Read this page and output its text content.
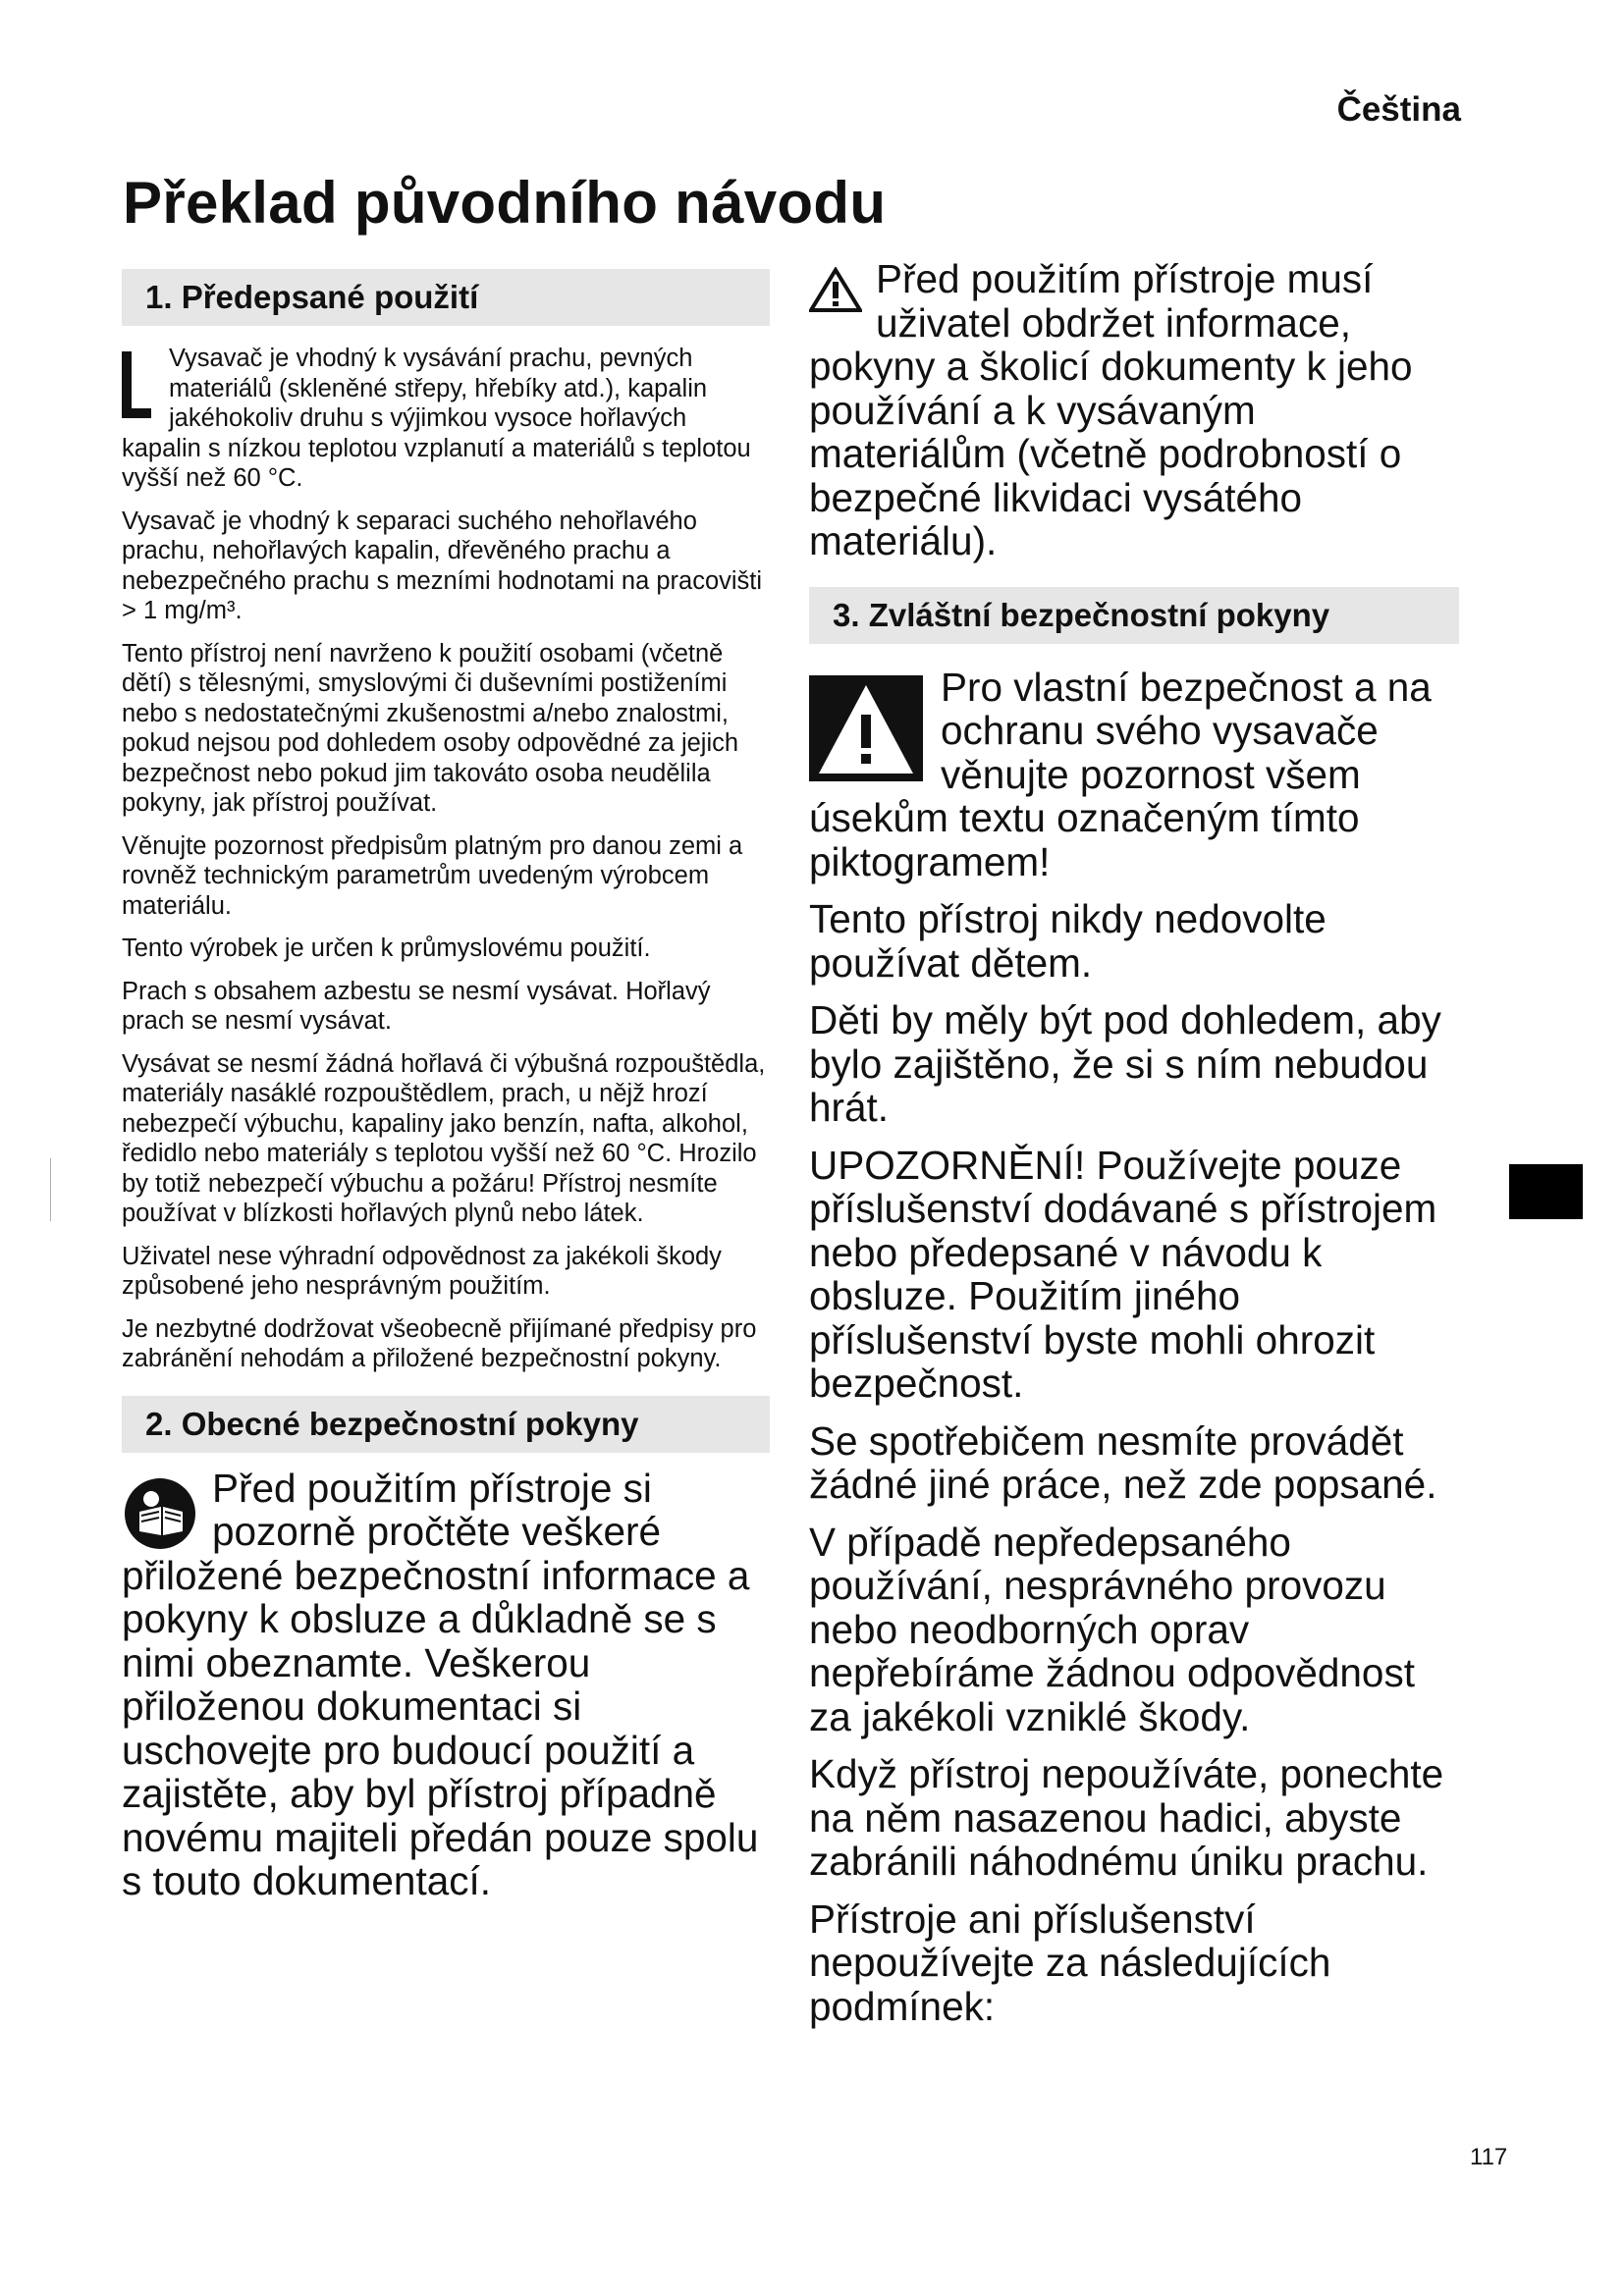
Čeština
Překlad původního návodu
1. Předepsané použití

Vysavač je vhodný k vysávání prachu, pevných materiálů (skleněné střepy, hřebíky atd.), kapalin jakéhokoliv druhu s výjimkou vysoce hořlavých kapalin s nízkou teplotou vzplanutí a materiálů s teplotou vyšší než 60 °C.

Vysavač je vhodný k separaci suchého nehořlavého prachu, nehořlavých kapalin, dřevěného prachu a nebezpečného prachu s mezními hodnotami na pracovišti > 1 mg/m³.

Tento přístroj není navrženo k použití osobami (včetně dětí) s tělesnými, smyslovými či duševními postiženími nebo s nedostatečnými zkušenostmi a/nebo znalostmi, pokud nejsou pod dohledem osoby odpovědné za jejich bezpečnost nebo pokud jim takováto osoba neudělila pokyny, jak přístroj používat.

Věnujte pozornost předpisům platným pro danou zemi a rovněž technickým parametrům uvedeným výrobcem materiálu.

Tento výrobek je určen k průmyslovému použití.

Prach s obsahem azbestu se nesmí vysávat. Hořlavý prach se nesmí vysávat.

Vysávat se nesmí žádná hořlavá či výbušná rozpouštědla, materiály nasáklé rozpouštědlem, prach, u nějž hrozí nebezpečí výbuchu, kapaliny jako benzín, nafta, alkohol, ředidlo nebo materiály s teplotou vyšší než 60 °C. Hrozilo by totiž nebezpečí výbuchu a požáru! Přístroj nesmíte používat v blízkosti hořlavých plynů nebo látek.

Uživatel nese výhradní odpovědnost za jakékoli škody způsobené jeho nesprávným použitím.

Je nezbytné dodržovat všeobecně přijímané předpisy pro zabránění nehodám a přiložené bezpečnostní pokyny.

2. Obecné bezpečnostní pokyny

Před použitím přístroje si pozorně pročtěte veškeré přiložené bezpečnostní informace a pokyny k obsluze a důkladně se s nimi obeznamte. Veškerou přiloženou dokumentaci si uschovejte pro budoucí použití a zajistěte, aby byl přístroj případně novému majiteli předán pouze spolu s touto dokumentací.

Před použitím přístroje musí uživatel obdržet informace, pokyny a školicí dokumenty k jeho používání a k vysávaným materiálům (včetně podrobností o bezpečné likvidaci vysátého materiálu).

3. Zvláštní bezpečnostní pokyny

Pro vlastní bezpečnost a na ochranu svého vysavače věnujte pozornost všem úsekům textu označeným tímto piktogramem!

Tento přístroj nikdy nedovolte používat dětem.

Děti by měly být pod dohledem, aby bylo zajištěno, že si s ním nebudou hrát.

UPOZORNĚNÍ! Používejte pouze příslušenství dodávané s přístrojem nebo předepsané v návodu k obsluze. Použitím jiného příslušenství byste mohli ohrozit bezpečnost.

Se spotřebičem nesmíte provádět žádné jiné práce, než zde popsané.

V případě nepředepsaného používání, nesprávného provozu nebo neodborných oprav nepřebíráme žádnou odpovědnost za jakékoli vzniklé škody.

Když přístroj nepoužíváte, ponechte na něm nasazenou hadici, abyste zabránili náhodnému úniku prachu.

Přístroje ani příslušenství nepoužívejte za následujících podmínek:

117
